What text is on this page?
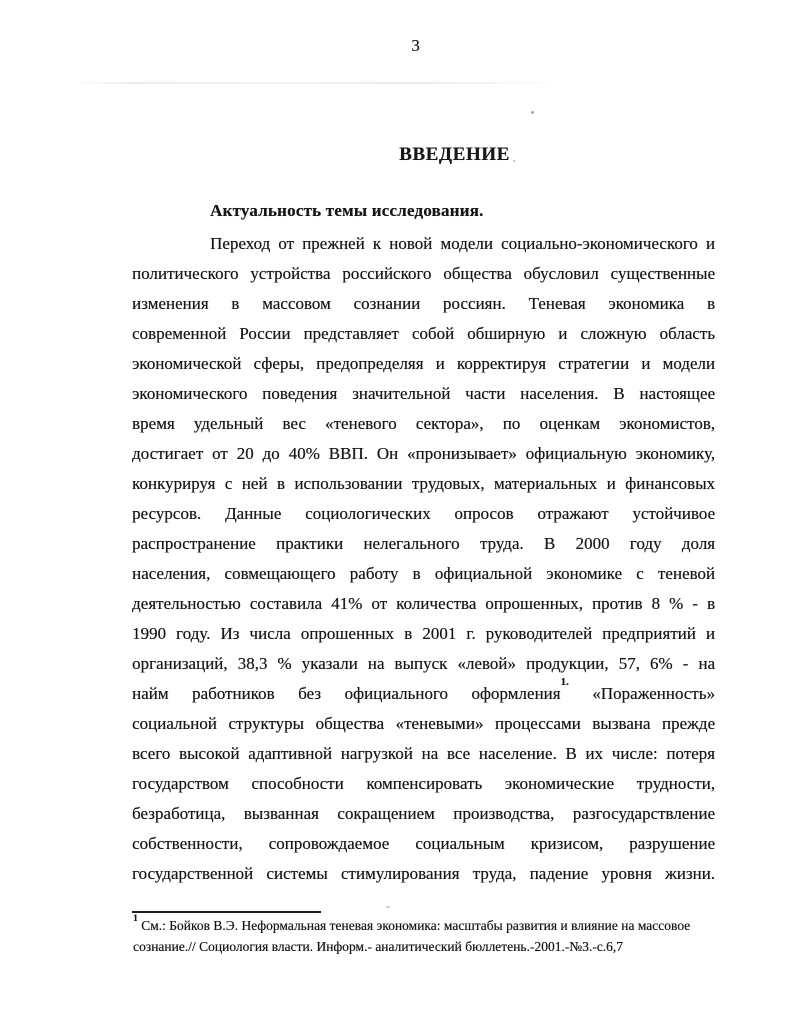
3
ВВЕДЕНИЕ
Актуальность темы исследования.
Переход от прежней к новой модели социально-экономического и
политического устройства российского общества обусловил существенные
изменения в массовом сознании россиян. Теневая экономика в
современной России представляет собой обширную и сложную область
экономической сферы, предопределяя и корректируя стратегии и модели
экономического поведения значительной части населения. В настоящее
время удельный вес «теневого сектора», по оценкам экономистов,
достигает от 20 до 40% ВВП. Он «пронизывает» официальную экономику,
конкурируя с ней в использовании трудовых, материальных и финансовых
ресурсов. Данные социологических опросов отражают устойчивое
распространение практики нелегального труда. В 2000 году доля
населения, совмещающего работу в официальной экономике с теневой
деятельностью составила 41% от количества опрошенных, против 8 % - в
1990 году. Из числа опрошенных в 2001 г. руководителей предприятий и
организаций, 38,3 % указали на выпуск «левой» продукции, 57, 6% - на
найм работников без официального оформления$^{1.}$ «Пораженность»
социальной структуры общества «теневыми» процессами вызвана прежде
всего высокой адаптивной нагрузкой на все население. В их числе: потеря
государством способности компенсировать экономические трудности,
безработица, вызванная сокращением производства, разгосударствление
собственности, сопровождаемое социальным кризисом, разрушение
государственной системы стимулирования труда, падение уровня жизни.
$^1$ См.: Бойков В.Э. Неформальная теневая экономика: масштабы развития и влияние на массовое
сознание.// Социология власти. Информ.- аналитический бюллетень.-2001.-№3.-с.6,7
